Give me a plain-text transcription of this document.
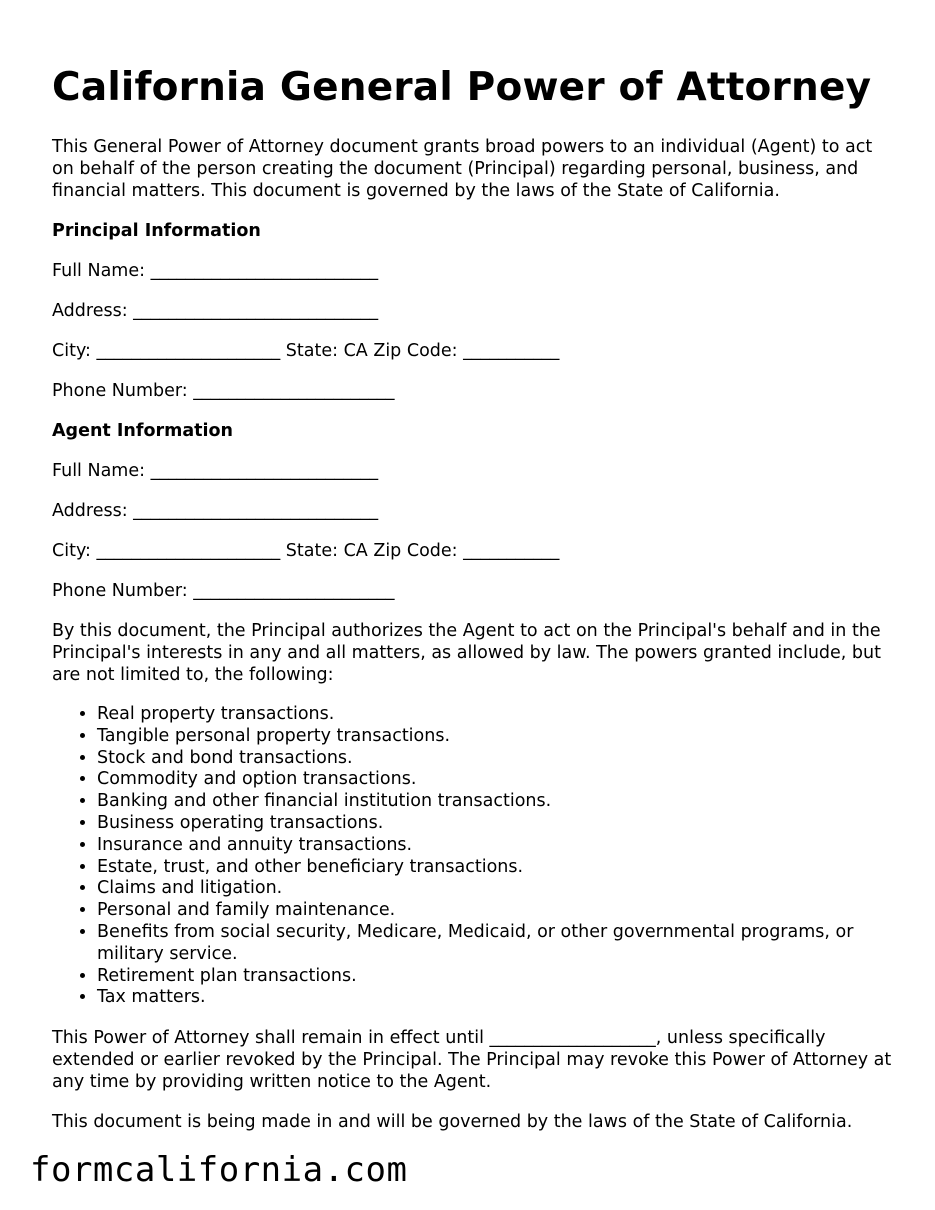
California General Power of Attorney

This General Power of Attorney document grants broad powers to an individual (Agent) to act on behalf of the person creating the document (Principal) regarding personal, business, and financial matters. This document is governed by the laws of the State of California.

Principal Information
Full Name: __________________________
Address: ____________________________
City: _____________________ State: CA Zip Code: ___________
Phone Number: _______________________
Agent Information
Full Name: __________________________
Address: ____________________________
City: _____________________ State: CA Zip Code: ___________
Phone Number: _______________________

By this document, the Principal authorizes the Agent to act on the Principal's behalf and in the Principal's interests in any and all matters, as allowed by law. The powers granted include, but are not limited to, the following:

• Real property transactions.
• Tangible personal property transactions.
• Stock and bond transactions.
• Commodity and option transactions.
• Banking and other financial institution transactions.
• Business operating transactions.
• Insurance and annuity transactions.
• Estate, trust, and other beneficiary transactions.
• Claims and litigation.
• Personal and family maintenance.
• Benefits from social security, Medicare, Medicaid, or other governmental programs, or military service.
• Retirement plan transactions.
• Tax matters.

This Power of Attorney shall remain in effect until ___________________, unless specifically extended or earlier revoked by the Principal. The Principal may revoke this Power of Attorney at any time by providing written notice to the Agent.

This document is being made in and will be governed by the laws of the State of California.

formcalifornia.com
